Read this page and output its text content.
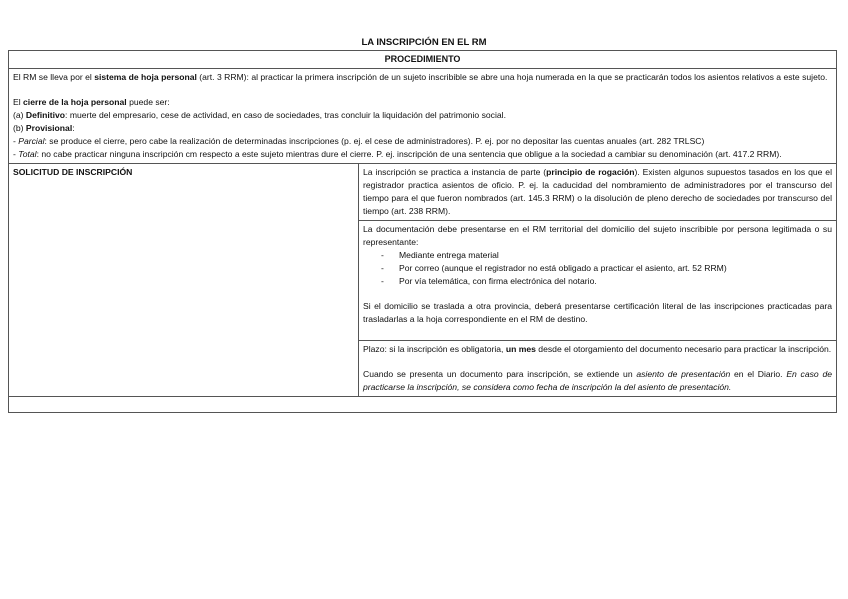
LA INSCRIPCIÓN EN EL RM
PROCEDIMIENTO

El RM se lleva por el sistema de hoja personal (art. 3 RRM): al practicar la primera inscripción de un sujeto inscribible se abre una hoja numerada en la que se practicarán todos los asientos relativos a este sujeto.

El cierre de la hoja personal puede ser:

(a) Definitivo: muerte del empresario, cese de actividad, en caso de sociedades, tras concluir la liquidación del patrimonio social.

(b) Provisional:

- Parcial: se produce el cierre, pero cabe la realización de determinadas inscripciones (p. ej. el cese de administradores). P. ej. por no depositar las cuentas anuales (art. 282 TRLSC)

- Total: no cabe practicar ninguna inscripción cm respecto a este sujeto mientras dure el cierre. P. ej. inscripción de una sentencia que obligue a la sociedad a cambiar su denominación (art. 417.2 RRM).

SOLICITUD DE INSCRIPCIÓN	La inscripción se practica a instancia de parte (principio de rogación). Existen algunos supuestos tasados en los que el registrador practica asientos de oficio. P. ej. la caducidad del nombramiento de administradores por el transcurso del tiempo para el que fueron nombrados (art. 145.3 RRM) o la disolución de pleno derecho de sociedades por transcurso del tiempo (art. 238 RRM).

La documentación debe presentarse en el RM territorial del domicilio del sujeto inscribible por persona legitimada o su representante:
- Mediante entrega material
- Por correo (aunque el registrador no está obligado a practicar el asiento, art. 52 RRM)
- Por vía telemática, con firma electrónica del notario.
Si el domicilio se traslada a otra provincia, deberá presentarse certificación literal de las inscripciones practicadas para trasladarlas a la hoja correspondiente en el RM de destino.

Plazo: si la inscripción es obligatoria, un mes desde el otorgamiento del documento necesario para practicar la inscripción.
Cuando se presenta un documento para inscripción, se extiende un asiento de presentación en el Diario. En caso de practicarse la inscripción, se considera como fecha de inscripción la del asiento de presentación.
